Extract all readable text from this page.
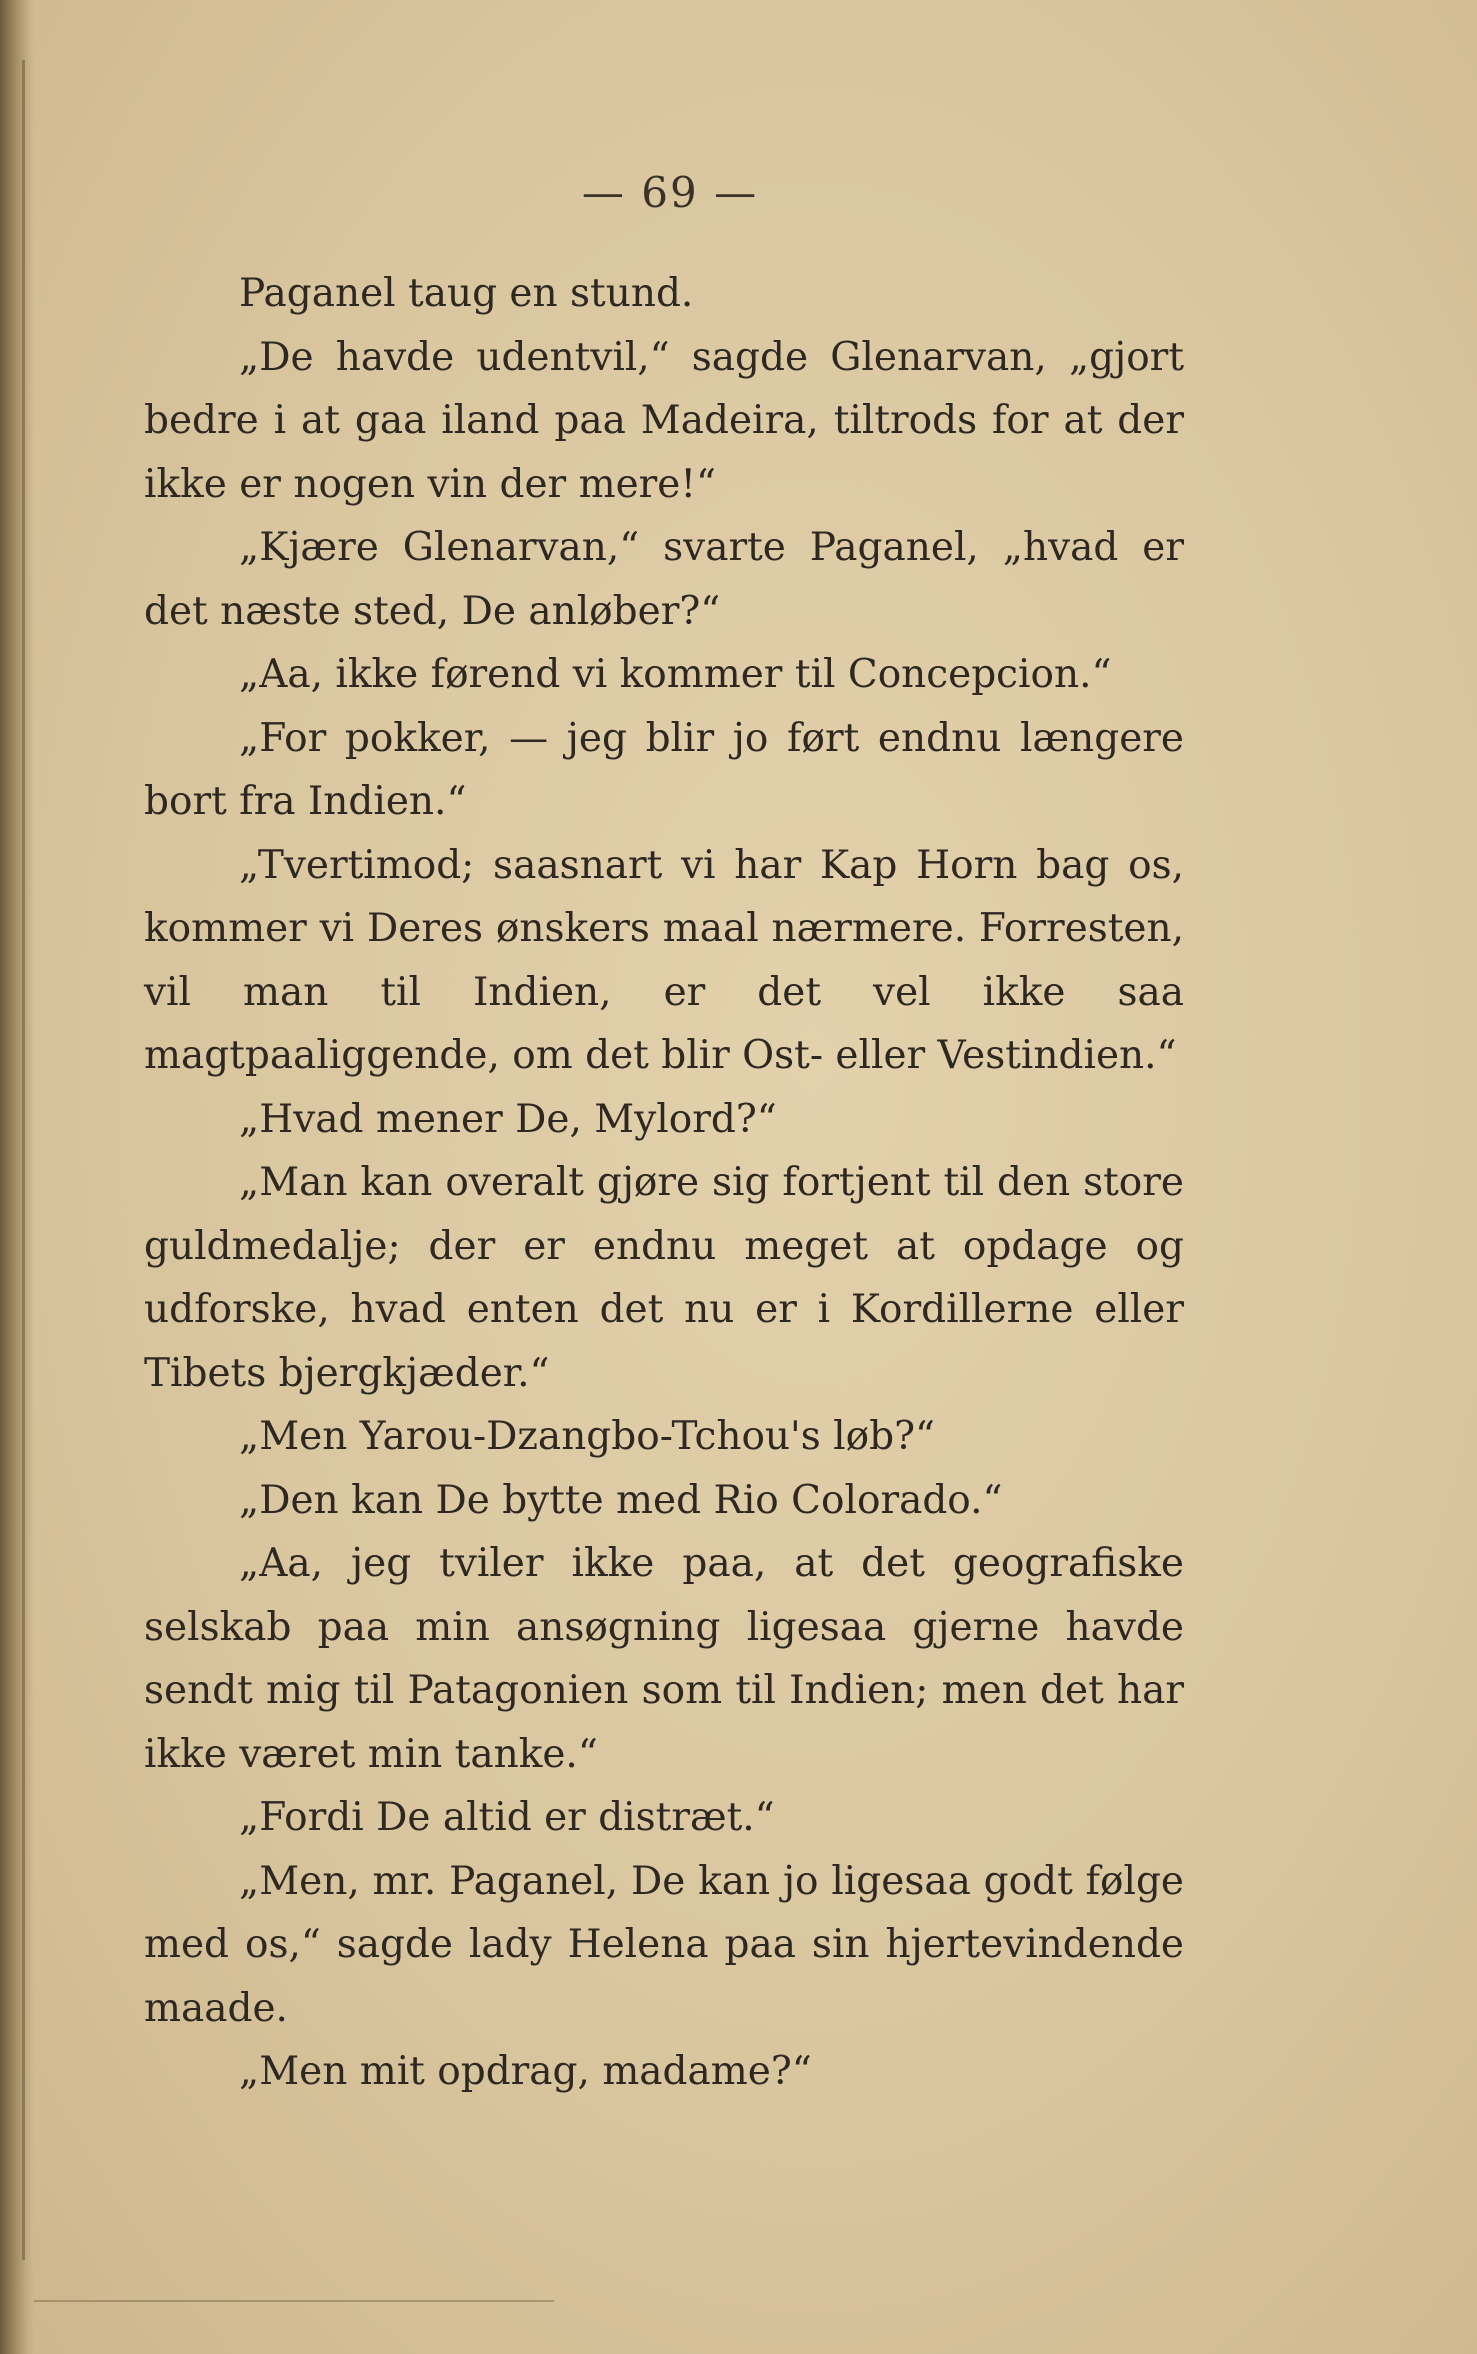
— 69 —

Paganel taug en stund.

„De havde udentvil,“ sagde Glenarvan, „gjort bedre i at gaa iland paa Madeira, tiltrods for at der ikke er nogen vin der mere!“

„Kjære Glenarvan,“ svarte Paganel, „hvad er det næste sted, De anløber?“

„Aa, ikke førend vi kommer til Concepcion.“

„For pokker, — jeg blir jo ført endnu længere bort fra Indien.“

„Tvertimod; saasnart vi har Kap Horn bag os, kommer vi Deres ønskers maal nærmere. Forresten, vil man til Indien, er det vel ikke saa magtpaaliggende, om det blir Ost- eller Vestindien.“

„Hvad mener De, Mylord?“

„Man kan overalt gjøre sig fortjent til den store guldmedalje; der er endnu meget at opdage og udforske, hvad enten det nu er i Kordillerne eller Tibets bjergkjæder.“

„Men Yarou-Dzangbo-Tchou's løb?“

„Den kan De bytte med Rio Colorado.“

„Aa, jeg tviler ikke paa, at det geografiske selskab paa min ansøgning ligesaa gjerne havde sendt mig til Patagonien som til Indien; men det har ikke været min tanke.“

„Fordi De altid er distræt.“

„Men, mr. Paganel, De kan jo ligesaa godt følge med os,“ sagde lady Helena paa sin hjertevindende maade.

„Men mit opdrag, madame?“
